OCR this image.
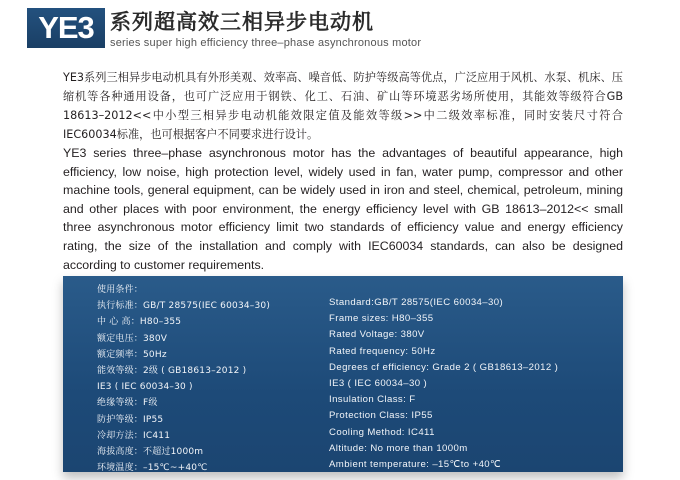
YE3 系列超高效三相异步电动机
series super high efficiency three–phase asynchronous motor

YE3系列三相异步电动机具有外形美观、效率高、噪音低、防护等级高等优点，广泛应用于风机、水泵、机床、压缩机等各种通用设备，也可广泛应用于钢铁、化工、石油、矿山等环境恶劣场所使用，其能效等级符合GB　18613–2012<<中小型三相异步电动机能效限定值及能效等级>>中二级效率标准，同时安装尺寸符合IEC60034标准，也可根据客户不同要求进行设计。

YE3 series three–phase asynchronous motor has the advantages of beautiful appearance, high efficiency, low noise, high protection level, widely used in fan, water pump, compressor and other machine tools, general equipment, can be widely used in iron and steel, chemical, petroleum, mining and other places with poor environment, the energy efficiency level with GB 18613–2012<< small three asynchronous motor efficiency limit two standards of efficiency value and energy efficiency rating, the size of the installation and comply with IEC60034 standards, can also be designed according to customer requirements.

使用条件：
执行标准：GB/T 28575(IEC 60034–30)
中 心 高：H80–355
额定电压：380V
额定频率：50Hz
能效等级：2级 ( GB18613–2012 )
IE3 ( IEC 60034–30 )
绝缘等级：F级
防护等级：IP55
冷却方法：IC411
海拔高度：不超过1000m
环境温度：–15℃~+40℃
Standard:GB/T 28575(IEC 60034–30)
Frame sizes: H80–355
Rated Voltage: 380V
Rated frequency: 50Hz
Degrees cf efficiency: Grade 2 ( GB18613–2012 )
IE3 ( IEC 60034–30 )
Insulation Class: F
Protection Class: IP55
Cooling Method: IC411
Altitude: No more than 1000m
Ambient temperature: –15℃to +40℃
